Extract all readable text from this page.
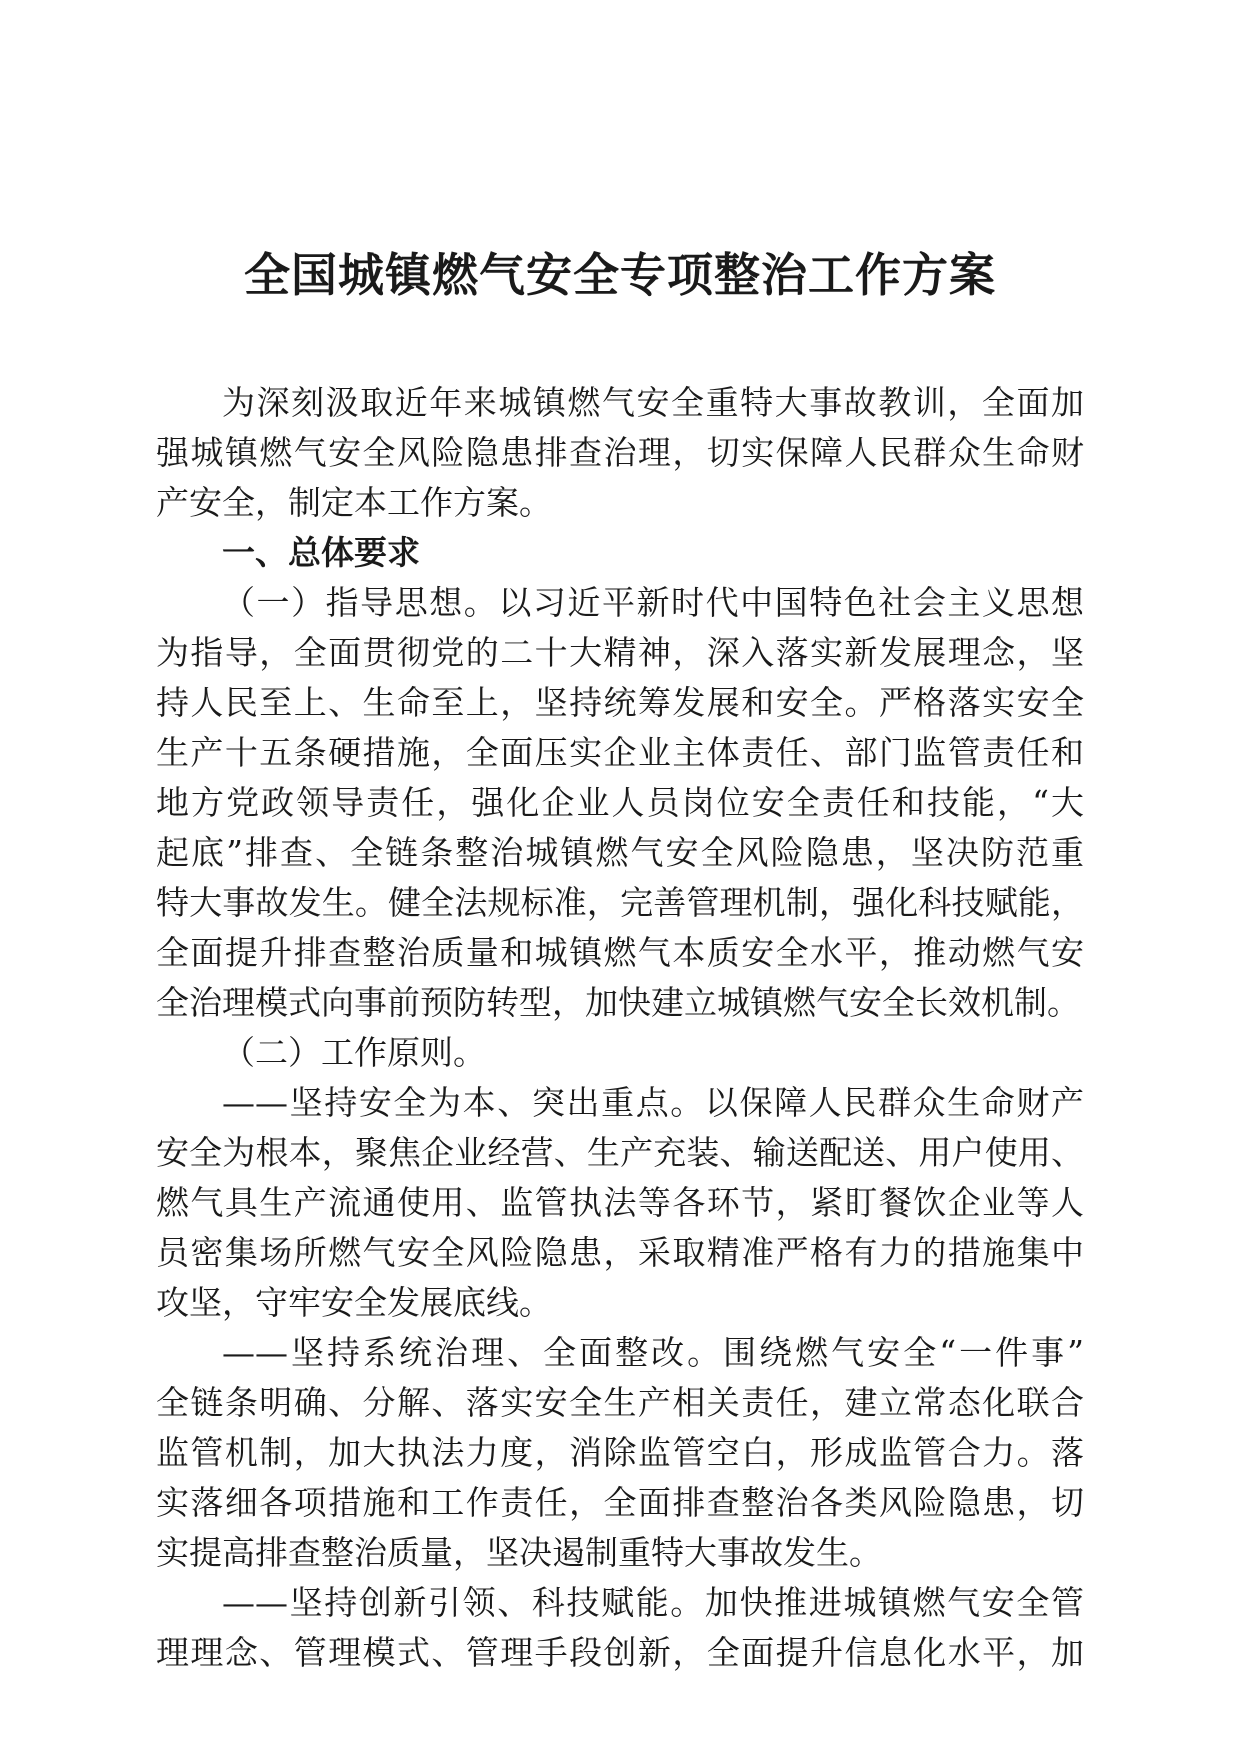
全国城镇燃气安全专项整治工作方案
为深刻汲取近年来城镇燃气安全重特大事故教训，全面加
强城镇燃气安全风险隐患排查治理，切实保障人民群众生命财
产安全，制定本工作方案。
一、总体要求
（一）指导思想。以习近平新时代中国特色社会主义思想
为指导，全面贯彻党的二十大精神，深入落实新发展理念，坚
持人民至上、生命至上，坚持统筹发展和安全。严格落实安全
生产十五条硬措施，全面压实企业主体责任、部门监管责任和
地方党政领导责任，强化企业人员岗位安全责任和技能，“大
起底”排查、全链条整治城镇燃气安全风险隐患，坚决防范重
特大事故发生。健全法规标准，完善管理机制，强化科技赋能，
全面提升排查整治质量和城镇燃气本质安全水平，推动燃气安
全治理模式向事前预防转型，加快建立城镇燃气安全长效机制。
（二）工作原则。
——坚持安全为本、突出重点。以保障人民群众生命财产
安全为根本，聚焦企业经营、生产充装、输送配送、用户使用、
燃气具生产流通使用、监管执法等各环节，紧盯餐饮企业等人
员密集场所燃气安全风险隐患，采取精准严格有力的措施集中
攻坚，守牢安全发展底线。
——坚持系统治理、全面整改。围绕燃气安全“一件事”
全链条明确、分解、落实安全生产相关责任，建立常态化联合
监管机制，加大执法力度，消除监管空白，形成监管合力。落
实落细各项措施和工作责任，全面排查整治各类风险隐患，切
实提高排查整治质量，坚决遏制重特大事故发生。
——坚持创新引领、科技赋能。加快推进城镇燃气安全管
理理念、管理模式、管理手段创新，全面提升信息化水平，加
